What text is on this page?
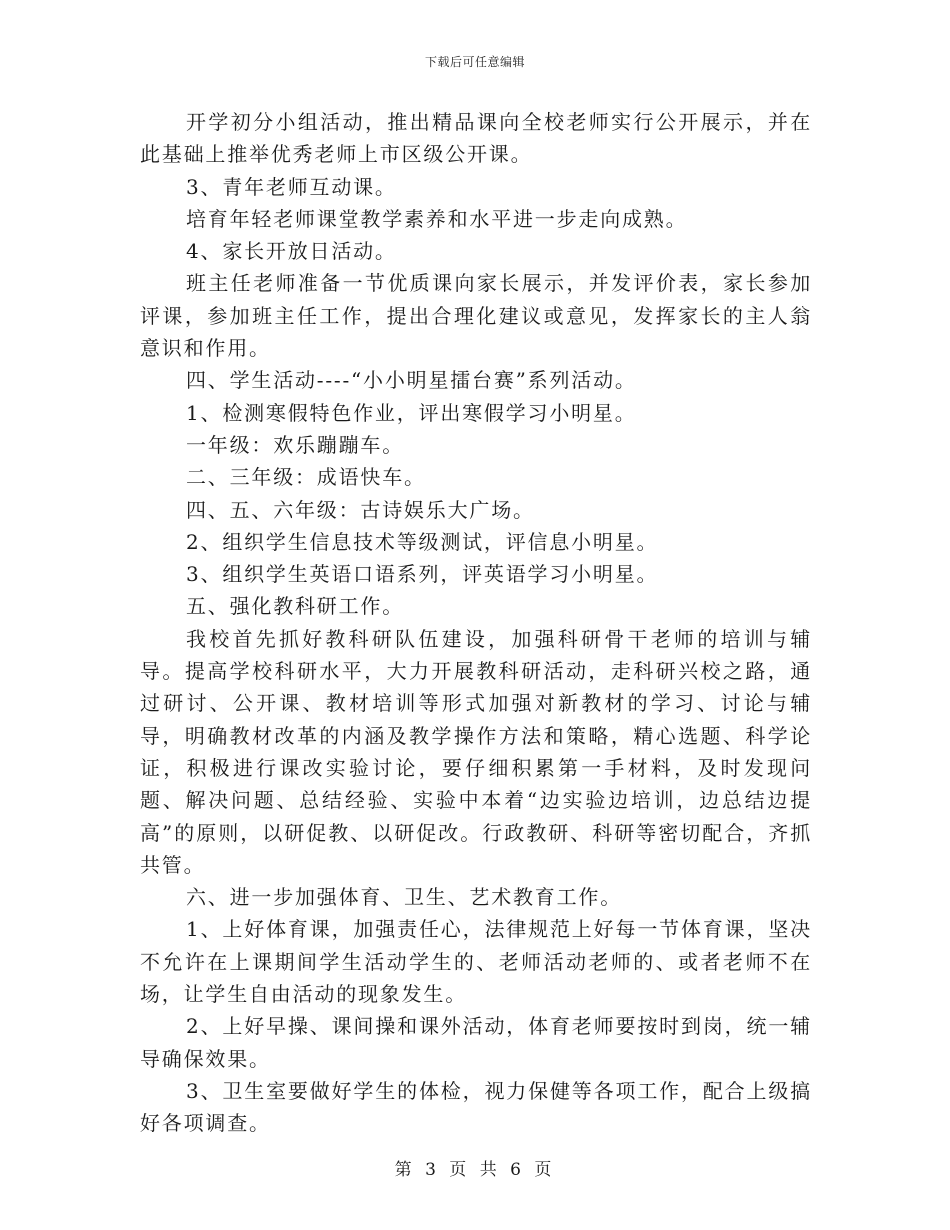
下载后可任意编辑

开学初分小组活动，推出精品课向全校老师实行公开展示，并在此基础上推举优秀老师上市区级公开课。

3、青年老师互动课。

培育年轻老师课堂教学素养和水平进一步走向成熟。

4、家长开放日活动。

班主任老师准备一节优质课向家长展示，并发评价表，家长参加评课，参加班主任工作，提出合理化建议或意见，发挥家长的主人翁意识和作用。

四、学生活动----“小小明星擂台赛”系列活动。

1、检测寒假特色作业，评出寒假学习小明星。

一年级：欢乐蹦蹦车。

二、三年级：成语快车。

四、五、六年级：古诗娱乐大广场。

2、组织学生信息技术等级测试，评信息小明星。

3、组织学生英语口语系列，评英语学习小明星。

五、强化教科研工作。

我校首先抓好教科研队伍建设，加强科研骨干老师的培训与辅导。提高学校科研水平，大力开展教科研活动，走科研兴校之路，通过研讨、公开课、教材培训等形式加强对新教材的学习、讨论与辅导，明确教材改革的内涵及教学操作方法和策略，精心选题、科学论证，积极进行课改实验讨论，要仔细积累第一手材料，及时发现问题、解决问题、总结经验、实验中本着“边实验边培训，边总结边提高”的原则，以研促教、以研促改。行政教研、科研等密切配合，齐抓共管。

六、进一步加强体育、卫生、艺术教育工作。

1、上好体育课，加强责任心，法律规范上好每一节体育课，坚决不允许在上课期间学生活动学生的、老师活动老师的、或者老师不在场，让学生自由活动的现象发生。

2、上好早操、课间操和课外活动，体育老师要按时到岗，统一辅导确保效果。

3、卫生室要做好学生的体检，视力保健等各项工作，配合上级搞好各项调查。

第 3 页 共 6 页
